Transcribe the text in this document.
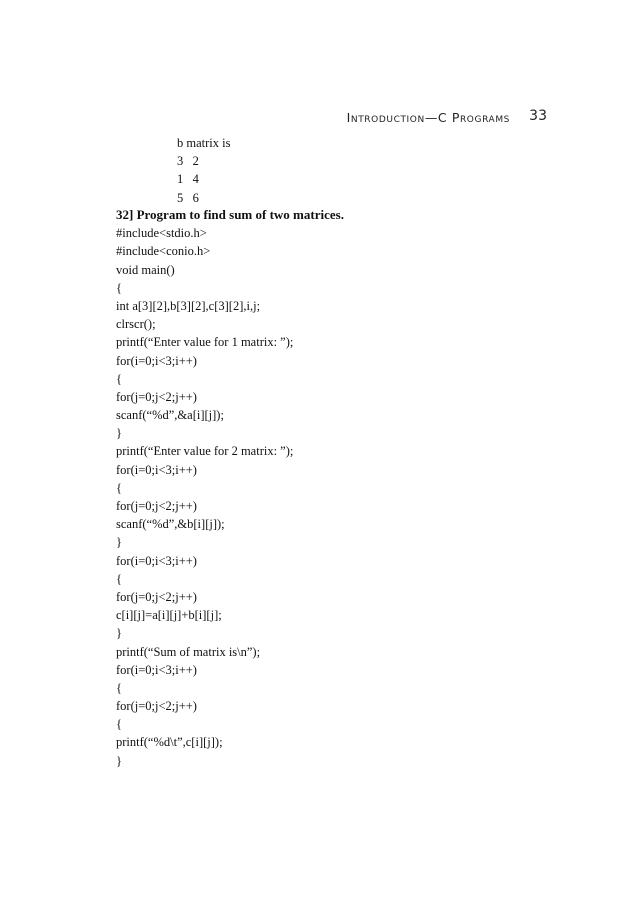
Introduction—C Programs 33
b matrix is
3   2
1   4
5   6
32] Program to find sum of two matrices.
#include<stdio.h>
#include<conio.h>
void main()
{
int a[3][2],b[3][2],c[3][2],i,j;
clrscr();
printf(“Enter value for 1 matrix: ”);
for(i=0;i<3;i++)
{
for(j=0;j<2;j++)
scanf(“%d”,&a[i][j]);
}
printf(“Enter value for 2 matrix: ”);
for(i=0;i<3;i++)
{
for(j=0;j<2;j++)
scanf(“%d”,&b[i][j]);
}
for(i=0;i<3;i++)
{
for(j=0;j<2;j++)
c[i][j]=a[i][j]+b[i][j];
}
printf(“Sum of matrix is\n”);
for(i=0;i<3;i++)
{
for(j=0;j<2;j++)
{
printf(“%d\t”,c[i][j]);
}
